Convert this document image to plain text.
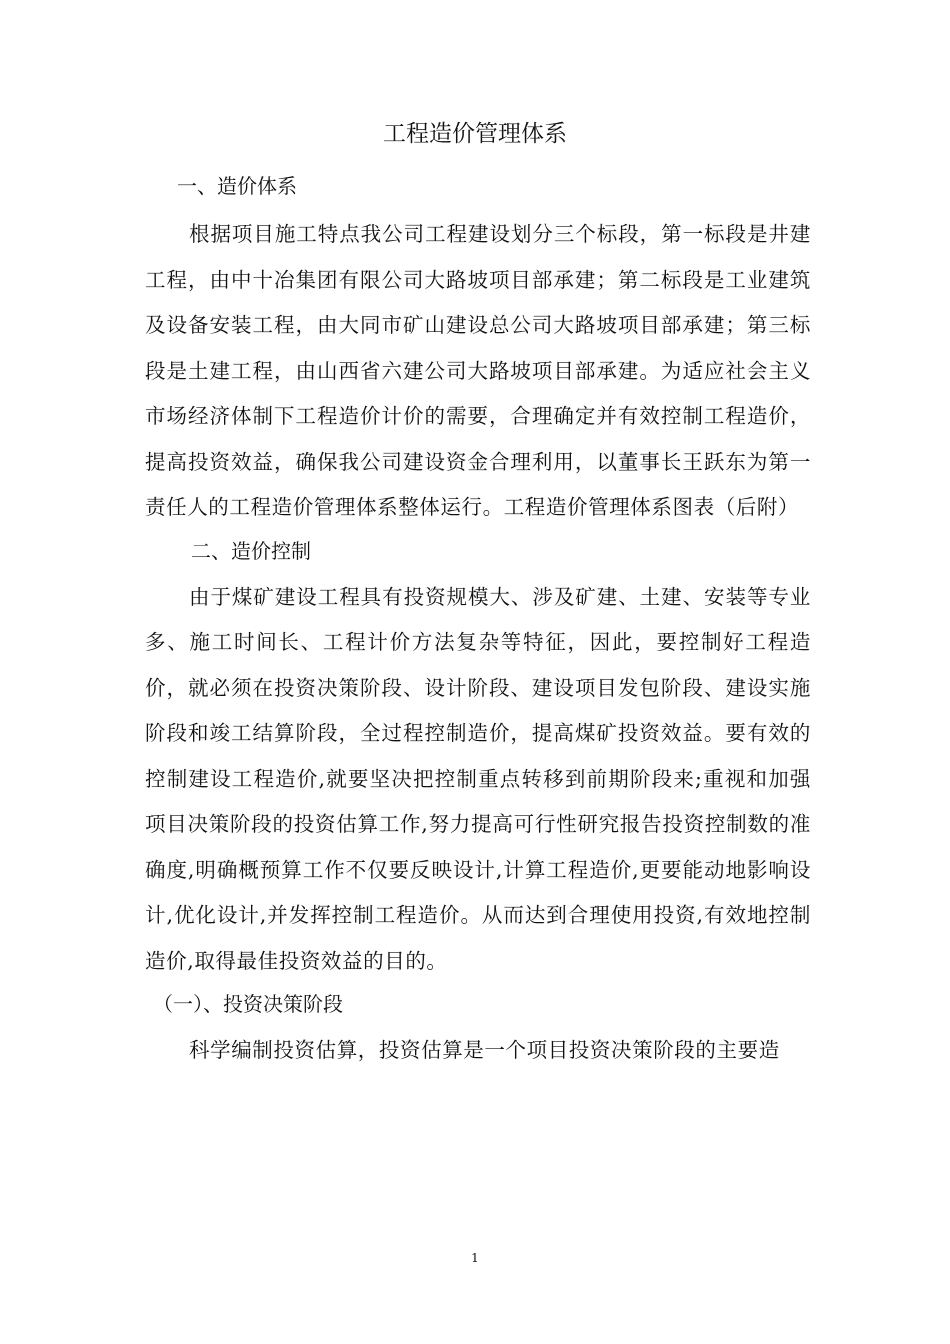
工程造价管理体系

一、造价体系

根据项目施工特点我公司工程建设划分三个标段，第一标段是井建工程，由中十冶集团有限公司大路坡项目部承建；第二标段是工业建筑及设备安装工程，由大同市矿山建设总公司大路坡项目部承建；第三标段是土建工程，由山西省六建公司大路坡项目部承建。为适应社会主义市场经济体制下工程造价计价的需要，合理确定并有效控制工程造价，提高投资效益，确保我公司建设资金合理利用，以董事长王跃东为第一责任人的工程造价管理体系整体运行。工程造价管理体系图表（后附）

二、造价控制

由于煤矿建设工程具有投资规模大、涉及矿建、土建、安装等专业多、施工时间长、工程计价方法复杂等特征，因此，要控制好工程造价，就必须在投资决策阶段、设计阶段、建设项目发包阶段、建设实施阶段和竣工结算阶段，全过程控制造价，提高煤矿投资效益。要有效的控制建设工程造价,就要坚决把控制重点转移到前期阶段来;重视和加强项目决策阶段的投资估算工作,努力提高可行性研究报告投资控制数的准确度,明确概预算工作不仅要反映设计,计算工程造价,更要能动地影响设计,优化设计,并发挥控制工程造价。从而达到合理使用投资,有效地控制造价,取得最佳投资效益的目的。

（一）、投资决策阶段

科学编制投资估算，投资估算是一个项目投资决策阶段的主要造

1
